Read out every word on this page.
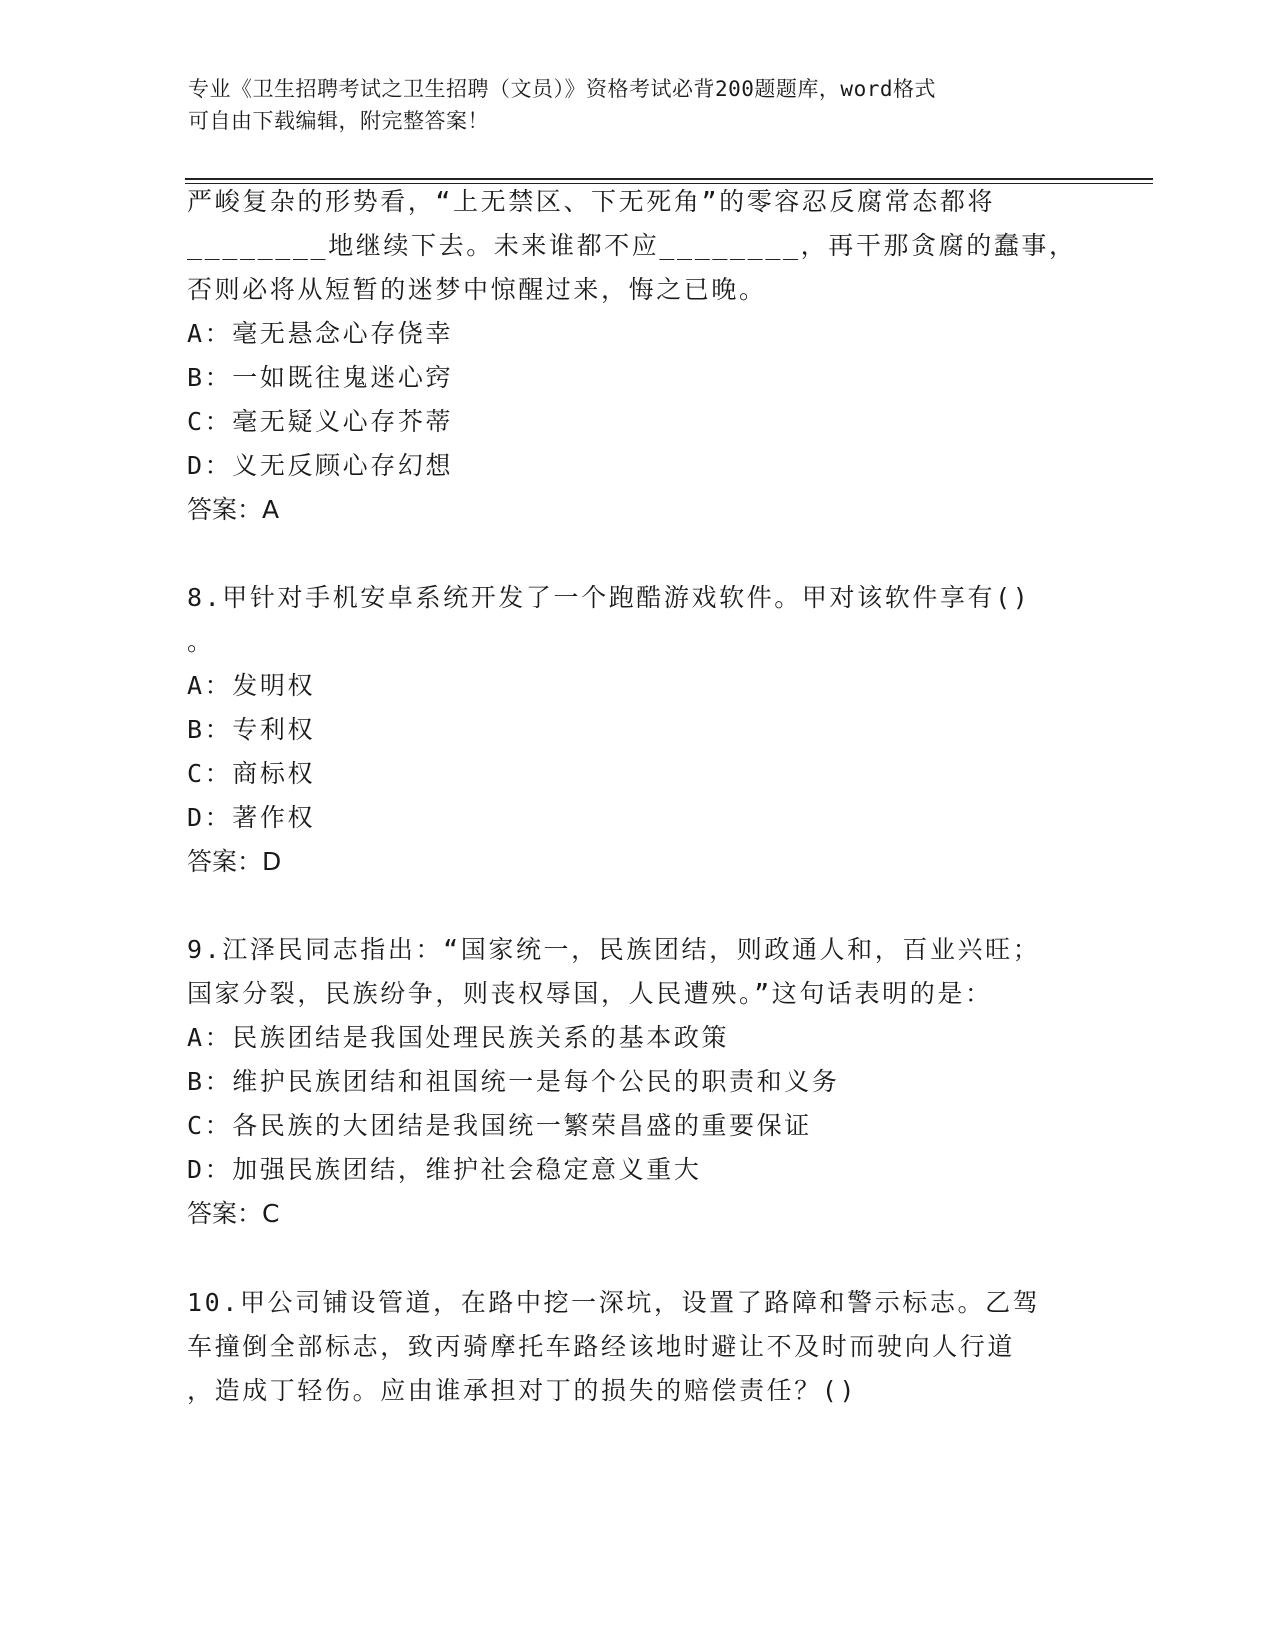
专业《卫生招聘考试之卫生招聘（文员）》资格考试必背200题题库，word格式
可自由下载编辑，附完整答案！
严峻复杂的形势看，“上无禁区、下无死角”的零容忍反腐常态都将
________地继续下去。未来谁都不应________，再干那贪腐的蠢事，
否则必将从短暂的迷梦中惊醒过来，悔之已晚。
A：毫无悬念心存侥幸
B：一如既往鬼迷心窍
C：毫无疑义心存芥蒂
D：义无反顾心存幻想
答案：A
8.甲针对手机安卓系统开发了一个跑酷游戏软件。甲对该软件享有()
。
A：发明权
B：专利权
C：商标权
D：著作权
答案：D
9.江泽民同志指出：“国家统一，民族团结，则政通人和，百业兴旺；
国家分裂，民族纷争，则丧权辱国，人民遭殃。”这句话表明的是：
A：民族团结是我国处理民族关系的基本政策
B：维护民族团结和祖国统一是每个公民的职责和义务
C：各民族的大团结是我国统一繁荣昌盛的重要保证
D：加强民族团结，维护社会稳定意义重大
答案：C
10.甲公司铺设管道，在路中挖一深坑，设置了路障和警示标志。乙驾
车撞倒全部标志，致丙骑摩托车路经该地时避让不及时而驶向人行道
，造成丁轻伤。应由谁承担对丁的损失的赔偿责任？()
